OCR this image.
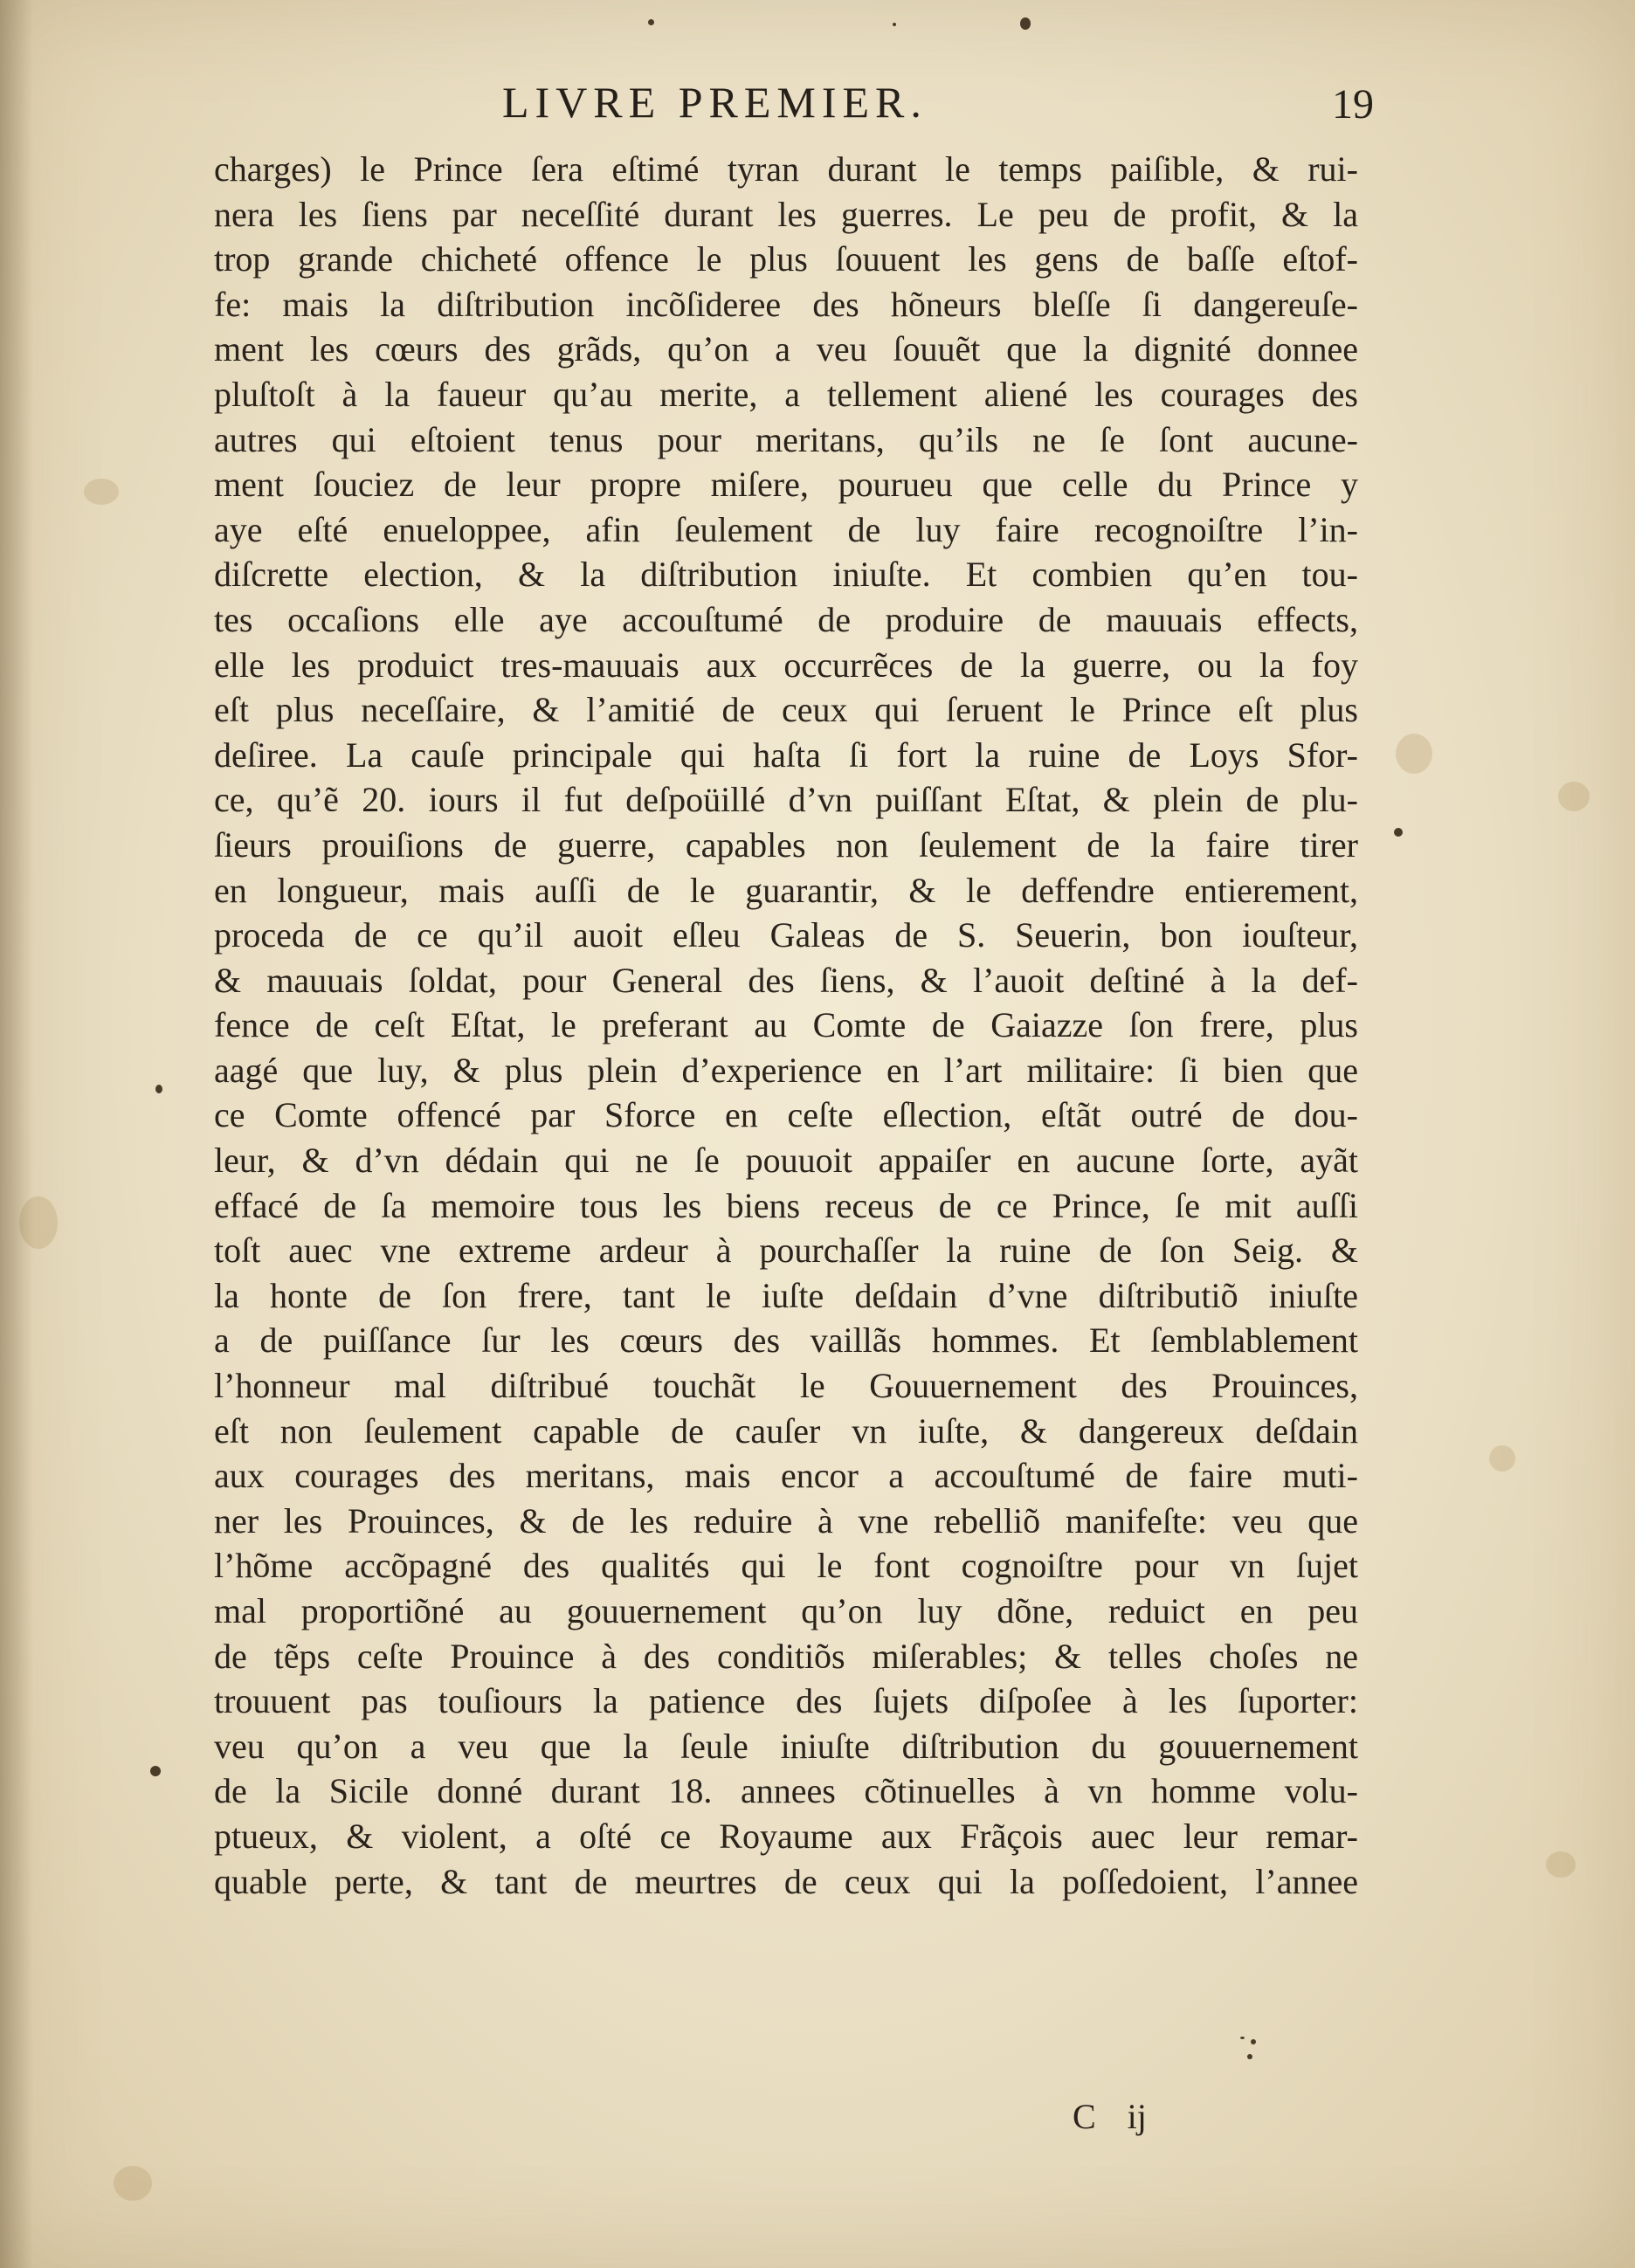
LIVRE PREMIER.	19
charges) le Prince ſera eſtimé tyran durant le temps paiſible, & rui-
nera les ſiens par neceſſité durant les guerres. Le peu de profit, & la
trop grande chicheté offence le plus ſouuent les gens de baſſe eſtof-
fe: mais la diſtribution incõſideree des hõneurs bleſſe ſi dangereuſe-
ment les cœurs des grãds, qu’on a veu ſouuẽt que la dignité donnee
pluſtoſt à la faueur qu’au merite, a tellement aliené les courages des
autres qui eſtoient tenus pour meritans, qu’ils ne ſe ſont aucune-
ment ſouciez de leur propre miſere, pourueu que celle du Prince y
aye eſté enueloppee, afin ſeulement de luy faire recognoiſtre l’in-
diſcrette election, & la diſtribution iniuſte. Et combien qu’en tou-
tes occaſions elle aye accouſtumé de produire de mauuais effects,
elle les produict tres-mauuais aux occurrẽces de la guerre, ou la foy
eſt plus neceſſaire, & l’amitié de ceux qui ſeruent le Prince eſt plus
deſiree. La cauſe principale qui haſta ſi fort la ruine de Loys Sfor-
ce, qu’ẽ 20. iours il fut deſpoüillé d’vn puiſſant Eſtat, & plein de plu-
ſieurs prouiſions de guerre, capables non ſeulement de la faire tirer
en longueur, mais auſſi de le guarantir, & le deffendre entierement,
proceda de ce qu’il auoit eſleu Galeas de S. Seuerin, bon iouſteur,
& mauuais ſoldat, pour General des ſiens, & l’auoit deſtiné à la def-
fence de ceſt Eſtat, le preferant au Comte de Gaiazze ſon frere, plus
aagé que luy, & plus plein d’experience en l’art militaire: ſi bien que
ce Comte offencé par Sforce en ceſte eſlection, eſtãt outré de dou-
leur, & d’vn dédain qui ne ſe pouuoit appaiſer en aucune ſorte, ayãt
effacé de ſa memoire tous les biens receus de ce Prince, ſe mit auſſi
toſt auec vne extreme ardeur à pourchaſſer la ruine de ſon Seig. &
la honte de ſon frere, tant le iuſte deſdain d’vne diſtributiõ iniuſte
a de puiſſance ſur les cœurs des vaillãs hommes. Et ſemblablement
l’honneur mal diſtribué touchãt le Gouuernement des Prouinces,
eſt non ſeulement capable de cauſer vn iuſte, & dangereux deſdain
aux courages des meritans, mais encor a accouſtumé de faire muti-
ner les Prouinces, & de les reduire à vne rebelliõ manifeſte: veu que
l’hõme accõpagné des qualités qui le font cognoiſtre pour vn ſujet
mal proportiõné au gouuernement qu’on luy dõne, reduict en peu
de tẽps ceſte Prouince à des conditiõs miſerables; & telles choſes ne
trouuent pas touſiours la patience des ſujets diſpoſee à les ſuporter:
veu qu’on a veu que la ſeule iniuſte diſtribution du gouuernement
de la Sicile donné durant 18. annees cõtinuelles à vn homme volu-
ptueux, & violent, a oſté ce Royaume aux Frãçois auec leur remar-
quable perte, & tant de meurtres de ceux qui la poſſedoient, l’annee
C ij
